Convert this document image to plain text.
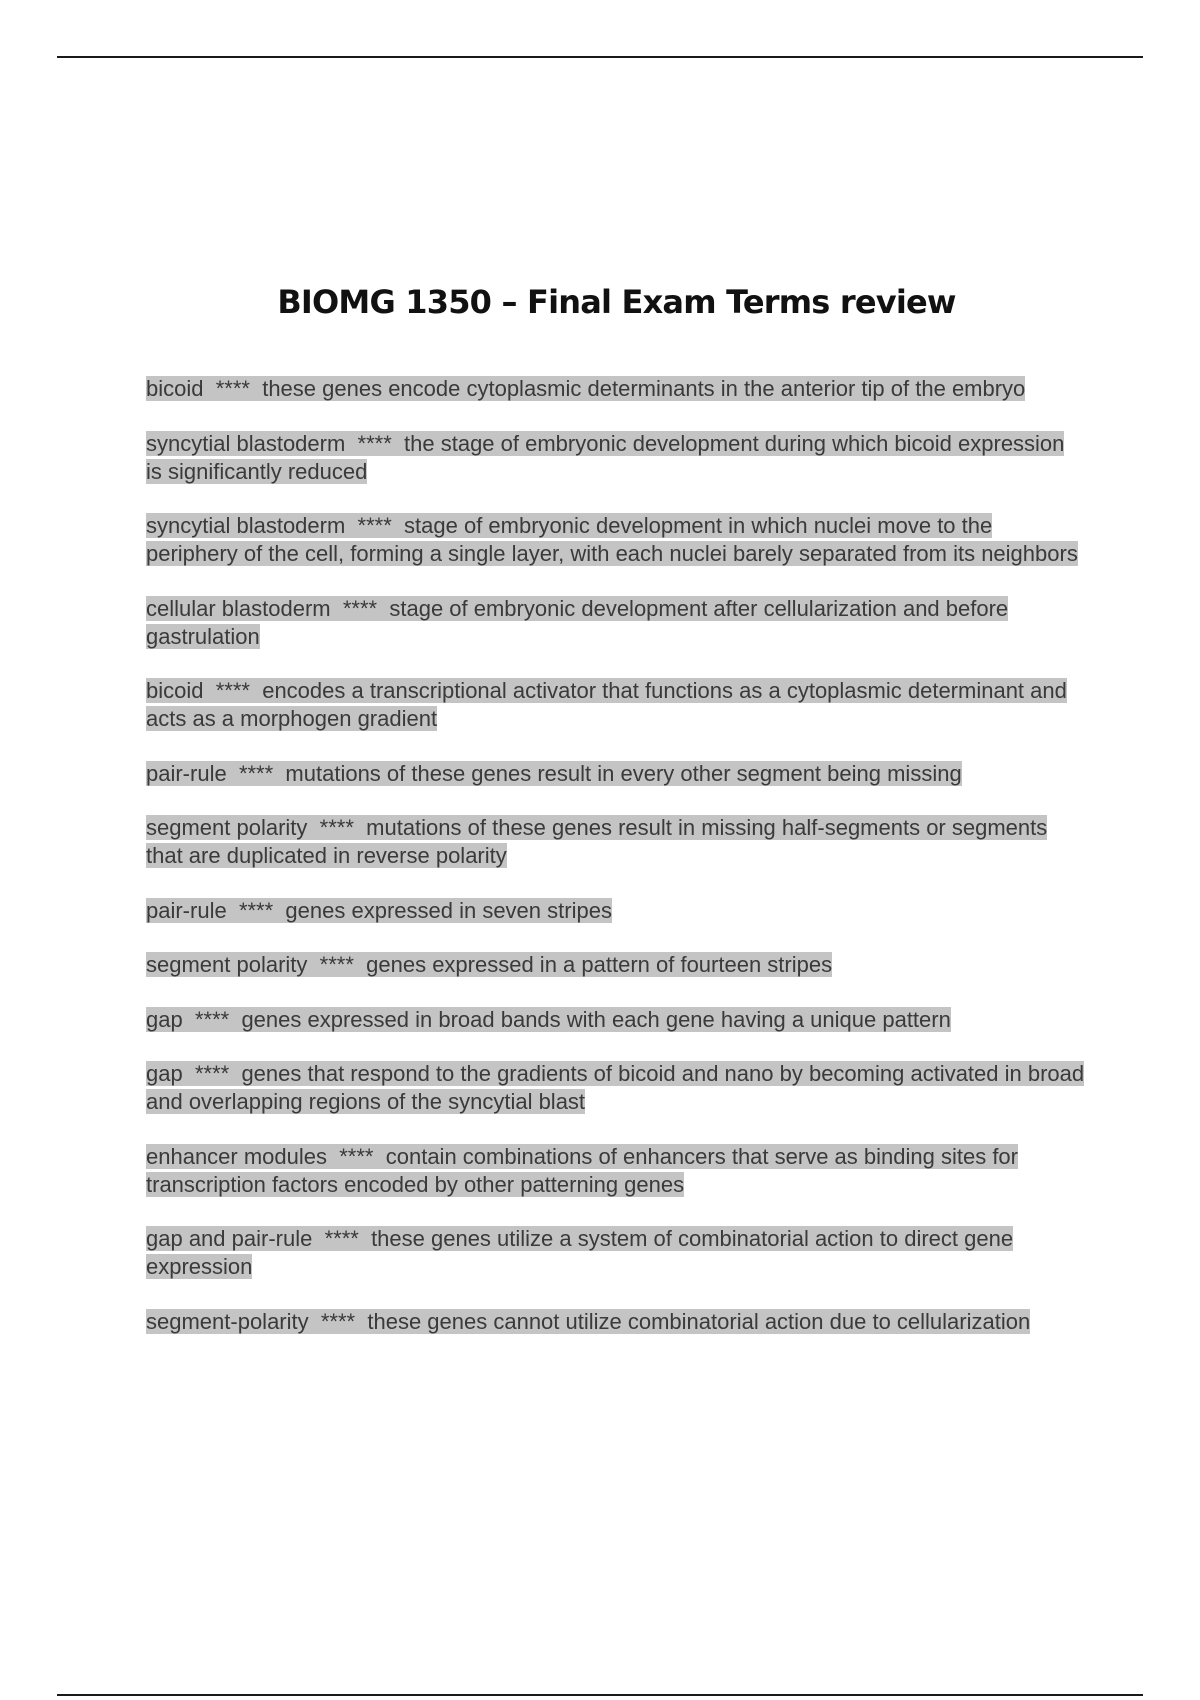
BIOMG 1350 – Final Exam Terms review
bicoid **** these genes encode cytoplasmic determinants in the anterior tip of the embryo
syncytial blastoderm **** the stage of embryonic development during which bicoid expression is significantly reduced
syncytial blastoderm **** stage of embryonic development in which nuclei move to the periphery of the cell, forming a single layer, with each nuclei barely separated from its neighbors
cellular blastoderm **** stage of embryonic development after cellularization and before gastrulation
bicoid **** encodes a transcriptional activator that functions as a cytoplasmic determinant and acts as a morphogen gradient
pair-rule **** mutations of these genes result in every other segment being missing
segment polarity **** mutations of these genes result in missing half-segments or segments that are duplicated in reverse polarity
pair-rule **** genes expressed in seven stripes
segment polarity **** genes expressed in a pattern of fourteen stripes
gap **** genes expressed in broad bands with each gene having a unique pattern
gap **** genes that respond to the gradients of bicoid and nano by becoming activated in broad and overlapping regions of the syncytial blast
enhancer modules **** contain combinations of enhancers that serve as binding sites for transcription factors encoded by other patterning genes
gap and pair-rule **** these genes utilize a system of combinatorial action to direct gene expression
segment-polarity **** these genes cannot utilize combinatorial action due to cellularization
